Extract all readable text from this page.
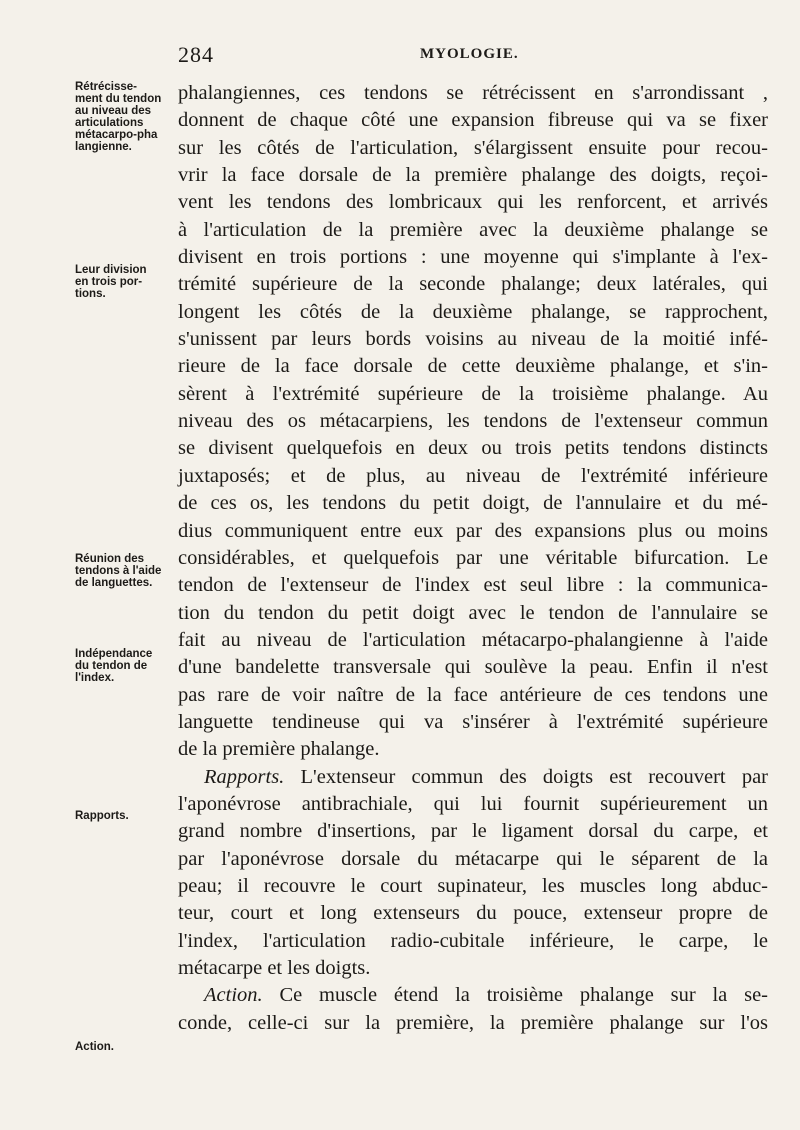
284	MYOLOGIE.
Rétrécisse-
ment du tendon
au niveau des
articulations
métacarpo-pha
langienne.
Leur division
en trois por-
tions.
Réunion des
tendons à l'aide
de languettes.
Indépendance
du tendon de
l'index.
Rapports.
Action.
phalangiennes, ces tendons se rétrécissent en s'arrondissant ,
donnent de chaque côté une expansion fibreuse qui va se fixer
sur les côtés de l'articulation, s'élargissent ensuite pour recou-
vrir la face dorsale de la première phalange des doigts, reçoi-
vent les tendons des lombricaux qui les renforcent, et arrivés
à l'articulation de la première avec la deuxième phalange se
divisent en trois portions : une moyenne qui s'implante à l'ex-
trémité supérieure de la seconde phalange; deux latérales, qui
longent les côtés de la deuxième phalange, se rapprochent,
s'unissent par leurs bords voisins au niveau de la moitié infé-
rieure de la face dorsale de cette deuxième phalange, et s'in-
sèrent à l'extrémité supérieure de la troisième phalange. Au
niveau des os métacarpiens, les tendons de l'extenseur commun
se divisent quelquefois en deux ou trois petits tendons distincts
juxtaposés; et de plus, au niveau de l'extrémité inférieure
de ces os, les tendons du petit doigt, de l'annulaire et du mé-
dius communiquent entre eux par des expansions plus ou moins
considérables, et quelquefois par une véritable bifurcation. Le
tendon de l'extenseur de l'index est seul libre : la communica-
tion du tendon du petit doigt avec le tendon de l'annulaire se
fait au niveau de l'articulation métacarpo-phalangienne à l'aide
d'une bandelette transversale qui soulève la peau. Enfin il n'est
pas rare de voir naître de la face antérieure de ces tendons une
languette tendineuse qui va s'insérer à l'extrémité supérieure
de la première phalange.
Rapports. L'extenseur commun des doigts est recouvert par
l'aponévrose antibrachiale, qui lui fournit supérieurement un
grand nombre d'insertions, par le ligament dorsal du carpe, et
par l'aponévrose dorsale du métacarpe qui le séparent de la
peau; il recouvre le court supinateur, les muscles long abduc-
teur, court et long extenseurs du pouce, extenseur propre de
l'index, l'articulation radio-cubitale inférieure, le carpe, le
métacarpe et les doigts.
Action. Ce muscle étend la troisième phalange sur la se-
conde, celle-ci sur la première, la première phalange sur l'os
